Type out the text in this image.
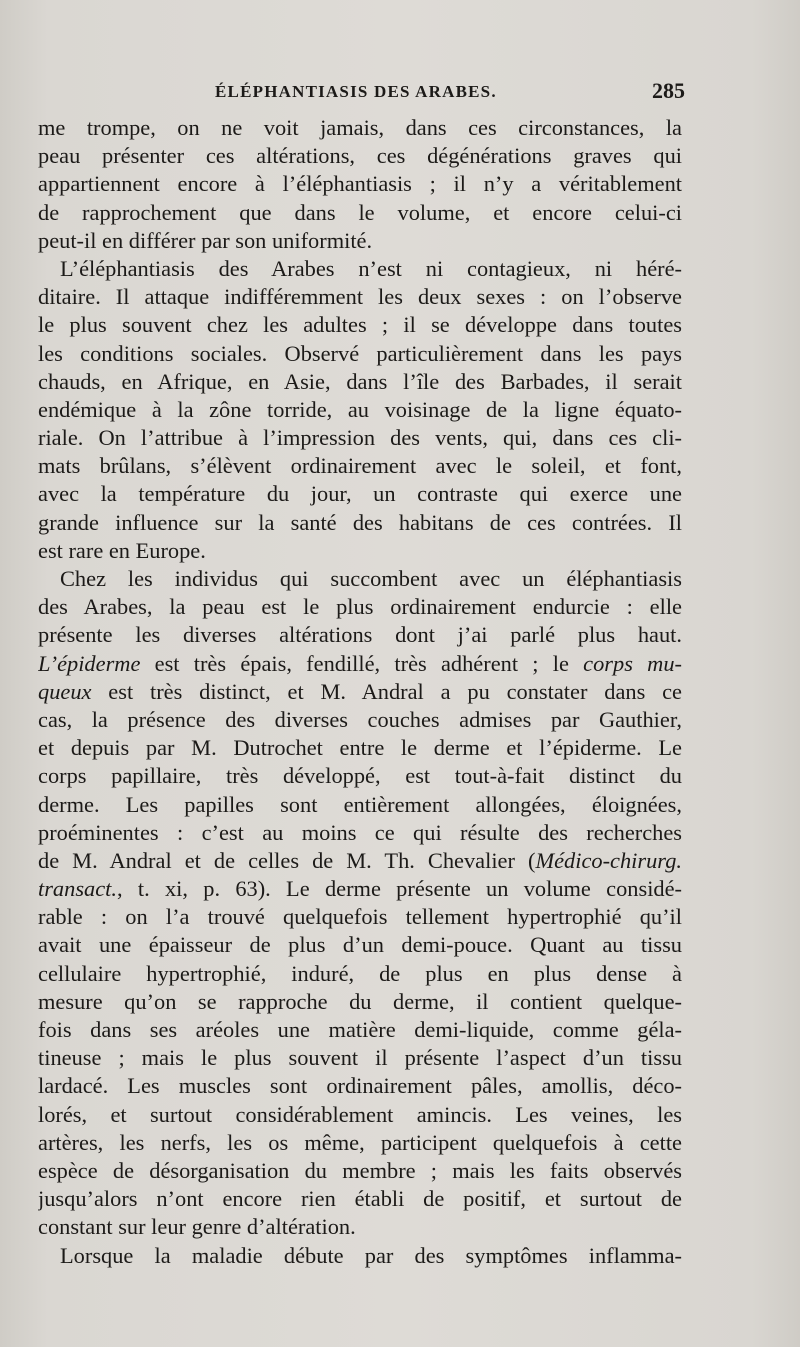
ÉLÉPHANTIASIS DES ARABES.	285
me trompe, on ne voit jamais, dans ces circonstances, la
peau présenter ces altérations, ces dégénérations graves qui
appartiennent encore à l’éléphantiasis ; il n’y a véritablement
de rapprochement que dans le volume, et encore celui-ci
peut-il en différer par son uniformité.
L’éléphantiasis des Arabes n’est ni contagieux, ni héré-
ditaire. Il attaque indifféremment les deux sexes : on l’observe
le plus souvent chez les adultes ; il se développe dans toutes
les conditions sociales. Observé particulièrement dans les pays
chauds, en Afrique, en Asie, dans l’île des Barbades, il serait
endémique à la zône torride, au voisinage de la ligne équato-
riale. On l’attribue à l’impression des vents, qui, dans ces cli-
mats brûlans, s’élèvent ordinairement avec le soleil, et font,
avec la température du jour, un contraste qui exerce une
grande influence sur la santé des habitans de ces contrées. Il
est rare en Europe.
Chez les individus qui succombent avec un éléphantiasis
des Arabes, la peau est le plus ordinairement endurcie : elle
présente les diverses altérations dont j’ai parlé plus haut.
L’épiderme est très épais, fendillé, très adhérent ; le corps mu-
queux est très distinct, et M. Andral a pu constater dans ce
cas, la présence des diverses couches admises par Gauthier,
et depuis par M. Dutrochet entre le derme et l’épiderme. Le
corps papillaire, très développé, est tout-à-fait distinct du
derme. Les papilles sont entièrement allongées, éloignées,
proéminentes : c’est au moins ce qui résulte des recherches
de M. Andral et de celles de M. Th. Chevalier (Médico-chirurg.
transact., t. xi, p. 63). Le derme présente un volume considé-
rable : on l’a trouvé quelquefois tellement hypertrophié qu’il
avait une épaisseur de plus d’un demi-pouce. Quant au tissu
cellulaire hypertrophié, induré, de plus en plus dense à
mesure qu’on se rapproche du derme, il contient quelque-
fois dans ses aréoles une matière demi-liquide, comme géla-
tineuse ; mais le plus souvent il présente l’aspect d’un tissu
lardacé. Les muscles sont ordinairement pâles, amollis, déco-
lorés, et surtout considérablement amincis. Les veines, les
artères, les nerfs, les os même, participent quelquefois à cette
espèce de désorganisation du membre ; mais les faits observés
jusqu’alors n’ont encore rien établi de positif, et surtout de
constant sur leur genre d’altération.
Lorsque la maladie débute par des symptômes inflamma-
